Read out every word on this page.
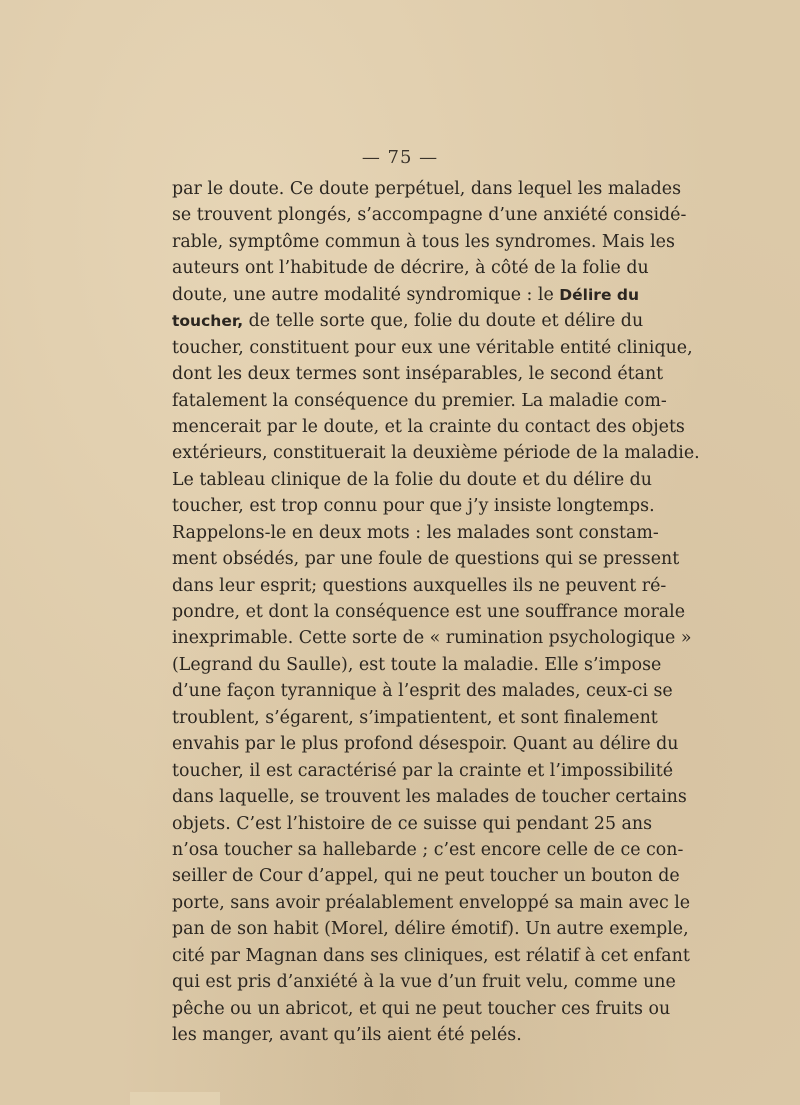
— 75 —
par le doute. Ce doute perpétuel, dans lequel les malades
se trouvent plongés, s’accompagne d’une anxiété considé-
rable, symptôme commun à tous les syndromes. Mais les
auteurs ont l’habitude de décrire, à côté de la folie du
doute, une autre modalité syndromique : le Délire du
toucher, de telle sorte que, folie du doute et délire du
toucher, constituent pour eux une véritable entité clinique,
dont les deux termes sont inséparables, le second étant
fatalement la conséquence du premier. La maladie com-
mencerait par le doute, et la crainte du contact des objets
extérieurs, constituerait la deuxième période de la maladie.
Le tableau clinique de la folie du doute et du délire du
toucher, est trop connu pour que j’y insiste longtemps.
Rappelons-le en deux mots : les malades sont constam-
ment obsédés, par une foule de questions qui se pressent
dans leur esprit; questions auxquelles ils ne peuvent ré-
pondre, et dont la conséquence est une souffrance morale
inexprimable. Cette sorte de « rumination psychologique »
(Legrand du Saulle), est toute la maladie. Elle s’impose
d’une façon tyrannique à l’esprit des malades, ceux-ci se
troublent, s’égarent, s’impatientent, et sont finalement
envahis par le plus profond désespoir. Quant au délire du
toucher, il est caractérisé par la crainte et l’impossibilité
dans laquelle, se trouvent les malades de toucher certains
objets. C’est l’histoire de ce suisse qui pendant 25 ans
n’osa toucher sa hallebarde ; c’est encore celle de ce con-
seiller de Cour d’appel, qui ne peut toucher un bouton de
porte, sans avoir préalablement enveloppé sa main avec le
pan de son habit (Morel, délire émotif). Un autre exemple,
cité par Magnan dans ses cliniques, est rélatif à cet enfant
qui est pris d’anxiété à la vue d’un fruit velu, comme une
pêche ou un abricot, et qui ne peut toucher ces fruits ou
les manger, avant qu’ils aient été pelés.
